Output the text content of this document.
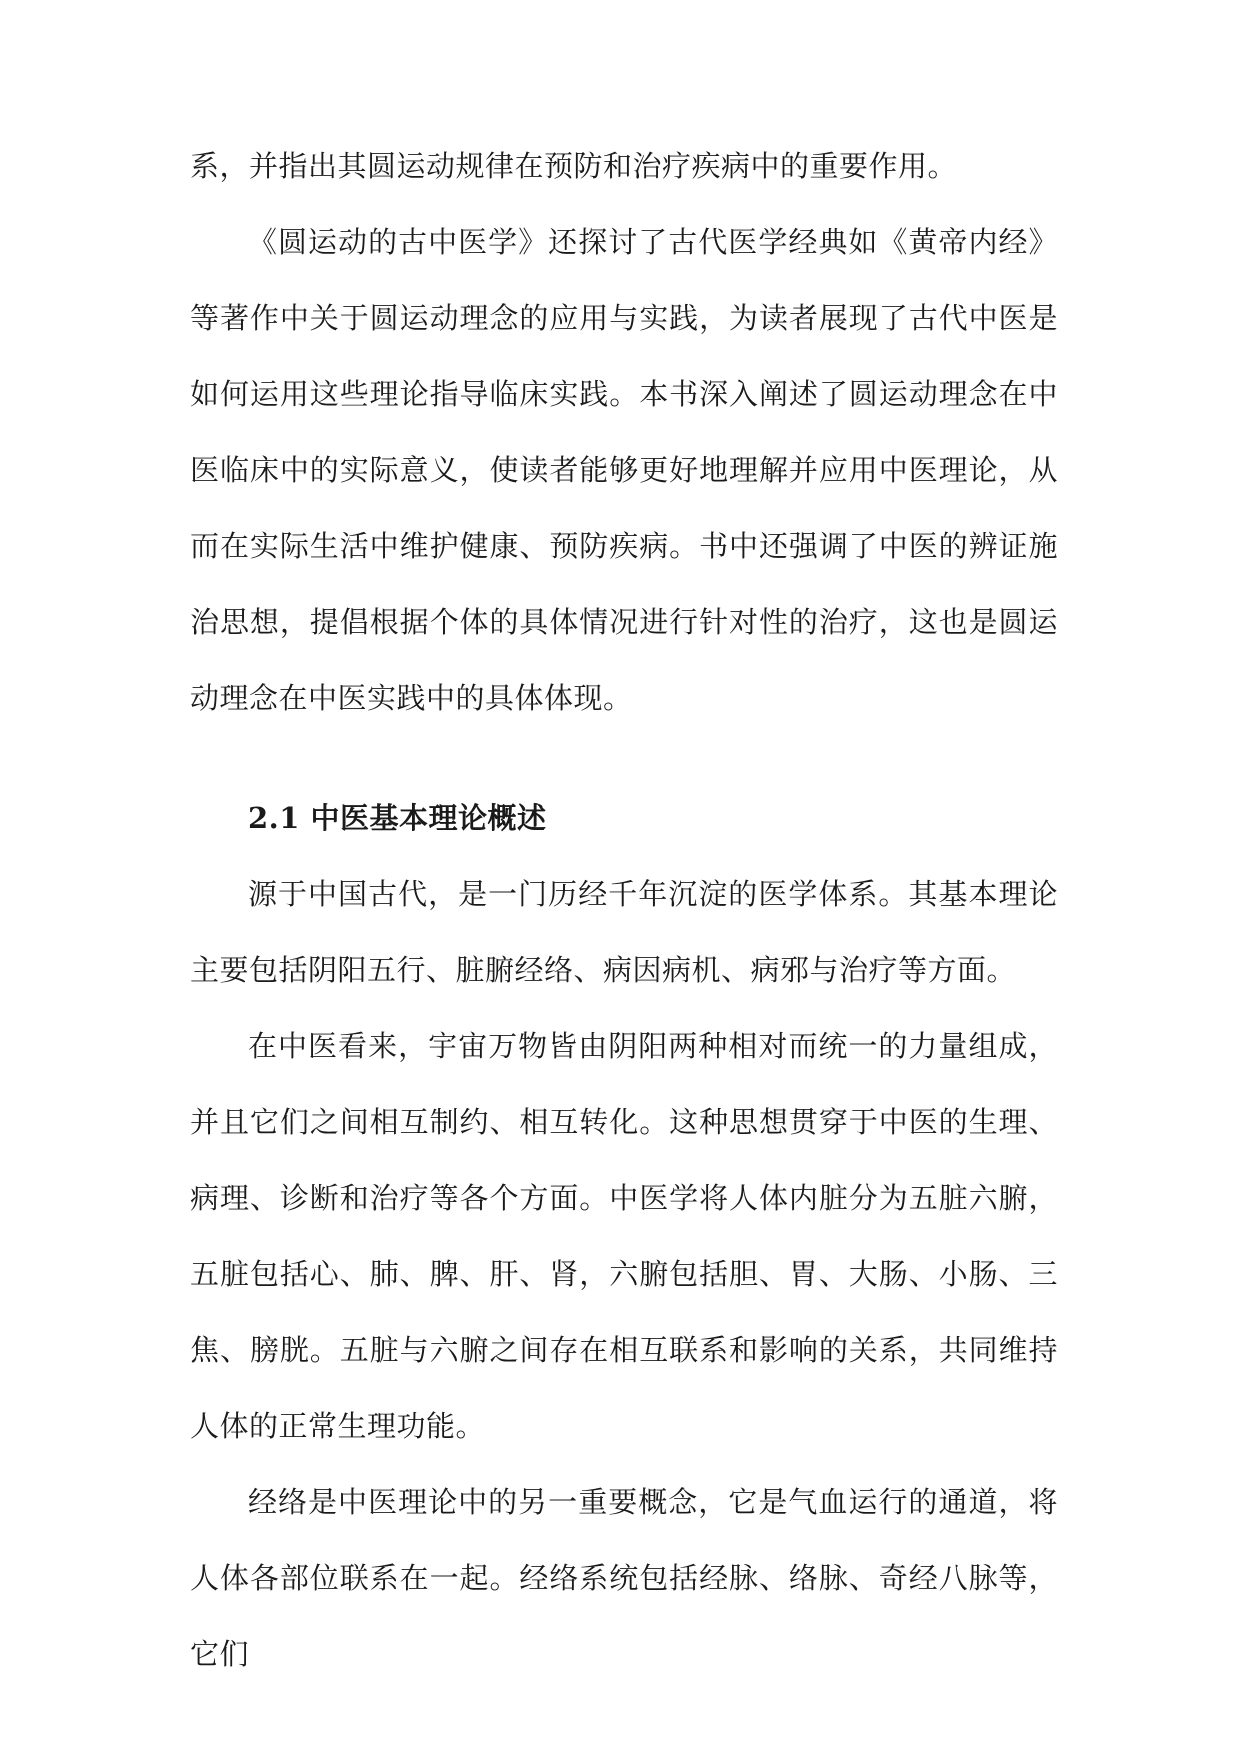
系，并指出其圆运动规律在预防和治疗疾病中的重要作用。

《圆运动的古中医学》还探讨了古代医学经典如《黄帝内经》等著作中关于圆运动理念的应用与实践，为读者展现了古代中医是如何运用这些理论指导临床实践。本书深入阐述了圆运动理念在中医临床中的实际意义，使读者能够更好地理解并应用中医理论，从而在实际生活中维护健康、预防疾病。书中还强调了中医的辨证施治思想，提倡根据个体的具体情况进行针对性的治疗，这也是圆运动理念在中医实践中的具体体现。

2.1 中医基本理论概述

源于中国古代，是一门历经千年沉淀的医学体系。其基本理论主要包括阴阳五行、脏腑经络、病因病机、病邪与治疗等方面。

在中医看来，宇宙万物皆由阴阳两种相对而统一的力量组成，并且它们之间相互制约、相互转化。这种思想贯穿于中医的生理、病理、诊断和治疗等各个方面。中医学将人体内脏分为五脏六腑，五脏包括心、肺、脾、肝、肾，六腑包括胆、胃、大肠、小肠、三焦、膀胱。五脏与六腑之间存在相互联系和影响的关系，共同维持人体的正常生理功能。

经络是中医理论中的另一重要概念，它是气血运行的通道，将人体各部位联系在一起。经络系统包括经脉、络脉、奇经八脉等，它们
